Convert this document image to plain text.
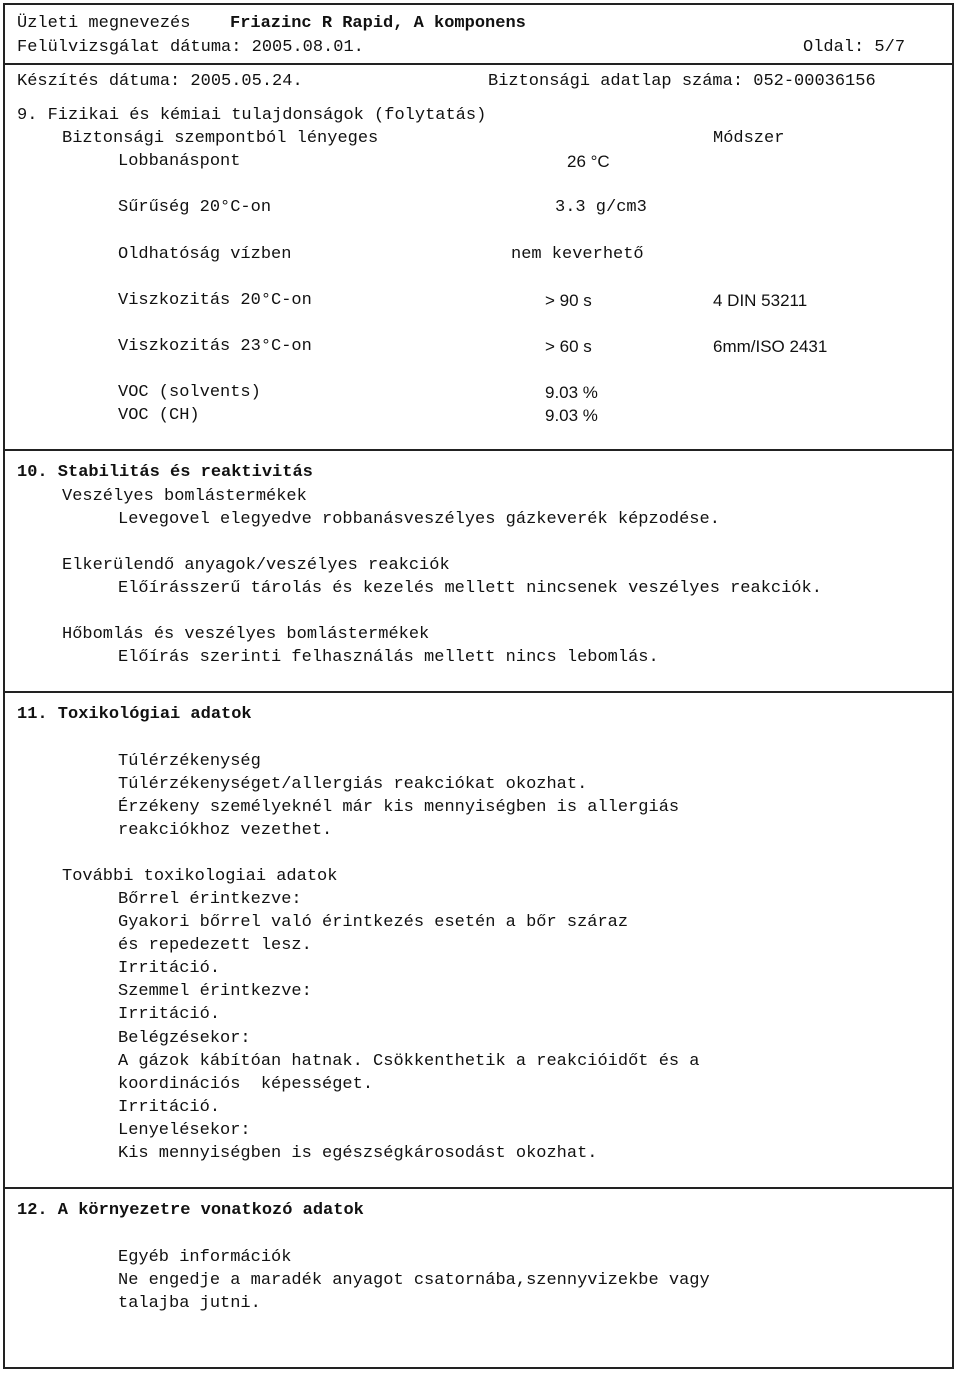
Üzleti megnevezés Friazinc R Rapid, A komponens
Felülvizsgálat dátuma: 2005.08.01.	Oldal: 5/7
Készítés dátuma: 2005.05.24.	Biztonsági adatlap száma: 052-00036156
9. Fizikai és kémiai tulajdonságok (folytatás)
Biztonsági szempontból lényeges	Módszer
Lobbanáspont	26 °C
Sűrűség 20°C-on	3.3 g/cm3
Oldhatóság vízben	nem keverhető
Viszkozitás 20°C-on	> 90 s	4 DIN 53211
Viszkozitás 23°C-on	> 60 s	6mm/ISO 2431
VOC (solvents)	9.03 %
VOC (CH)	9.03 %
10. Stabilitás és reaktivitás
Veszélyes bomlástermékek
Levegovel elegyedve robbanásveszélyes gázkeverék képzodése.
Elkerülendő anyagok/veszélyes reakciók
Előírásszerű tárolás és kezelés mellett nincsenek veszélyes reakciók.
Hőbomlás és veszélyes bomlástermékek
Előírás szerinti felhasználás mellett nincs lebomlás.
11. Toxikológiai adatok
Túlérzékenység
Túlérzékenységet/allergiás reakciókat okozhat.
Érzékeny személyeknél már kis mennyiségben is allergiás
reakciókhoz vezethet.
További toxikologiai adatok
Bőrrel érintkezve:
Gyakori bőrrel való érintkezés esetén a bőr száraz
és repedezett lesz.
Irritáció.
Szemmel érintkezve:
Irritáció.
Belégzésekor:
A gázok kábítóan hatnak. Csökkenthetik a reakcióidőt és a
koordinációs  képességet.
Irritáció.
Lenyelésekor:
Kis mennyiségben is egészségkárosodást okozhat.
12. A környezetre vonatkozó adatok
Egyéb információk
Ne engedje a maradék anyagot csatornába,szennyvizekbe vagy
talajba jutni.
